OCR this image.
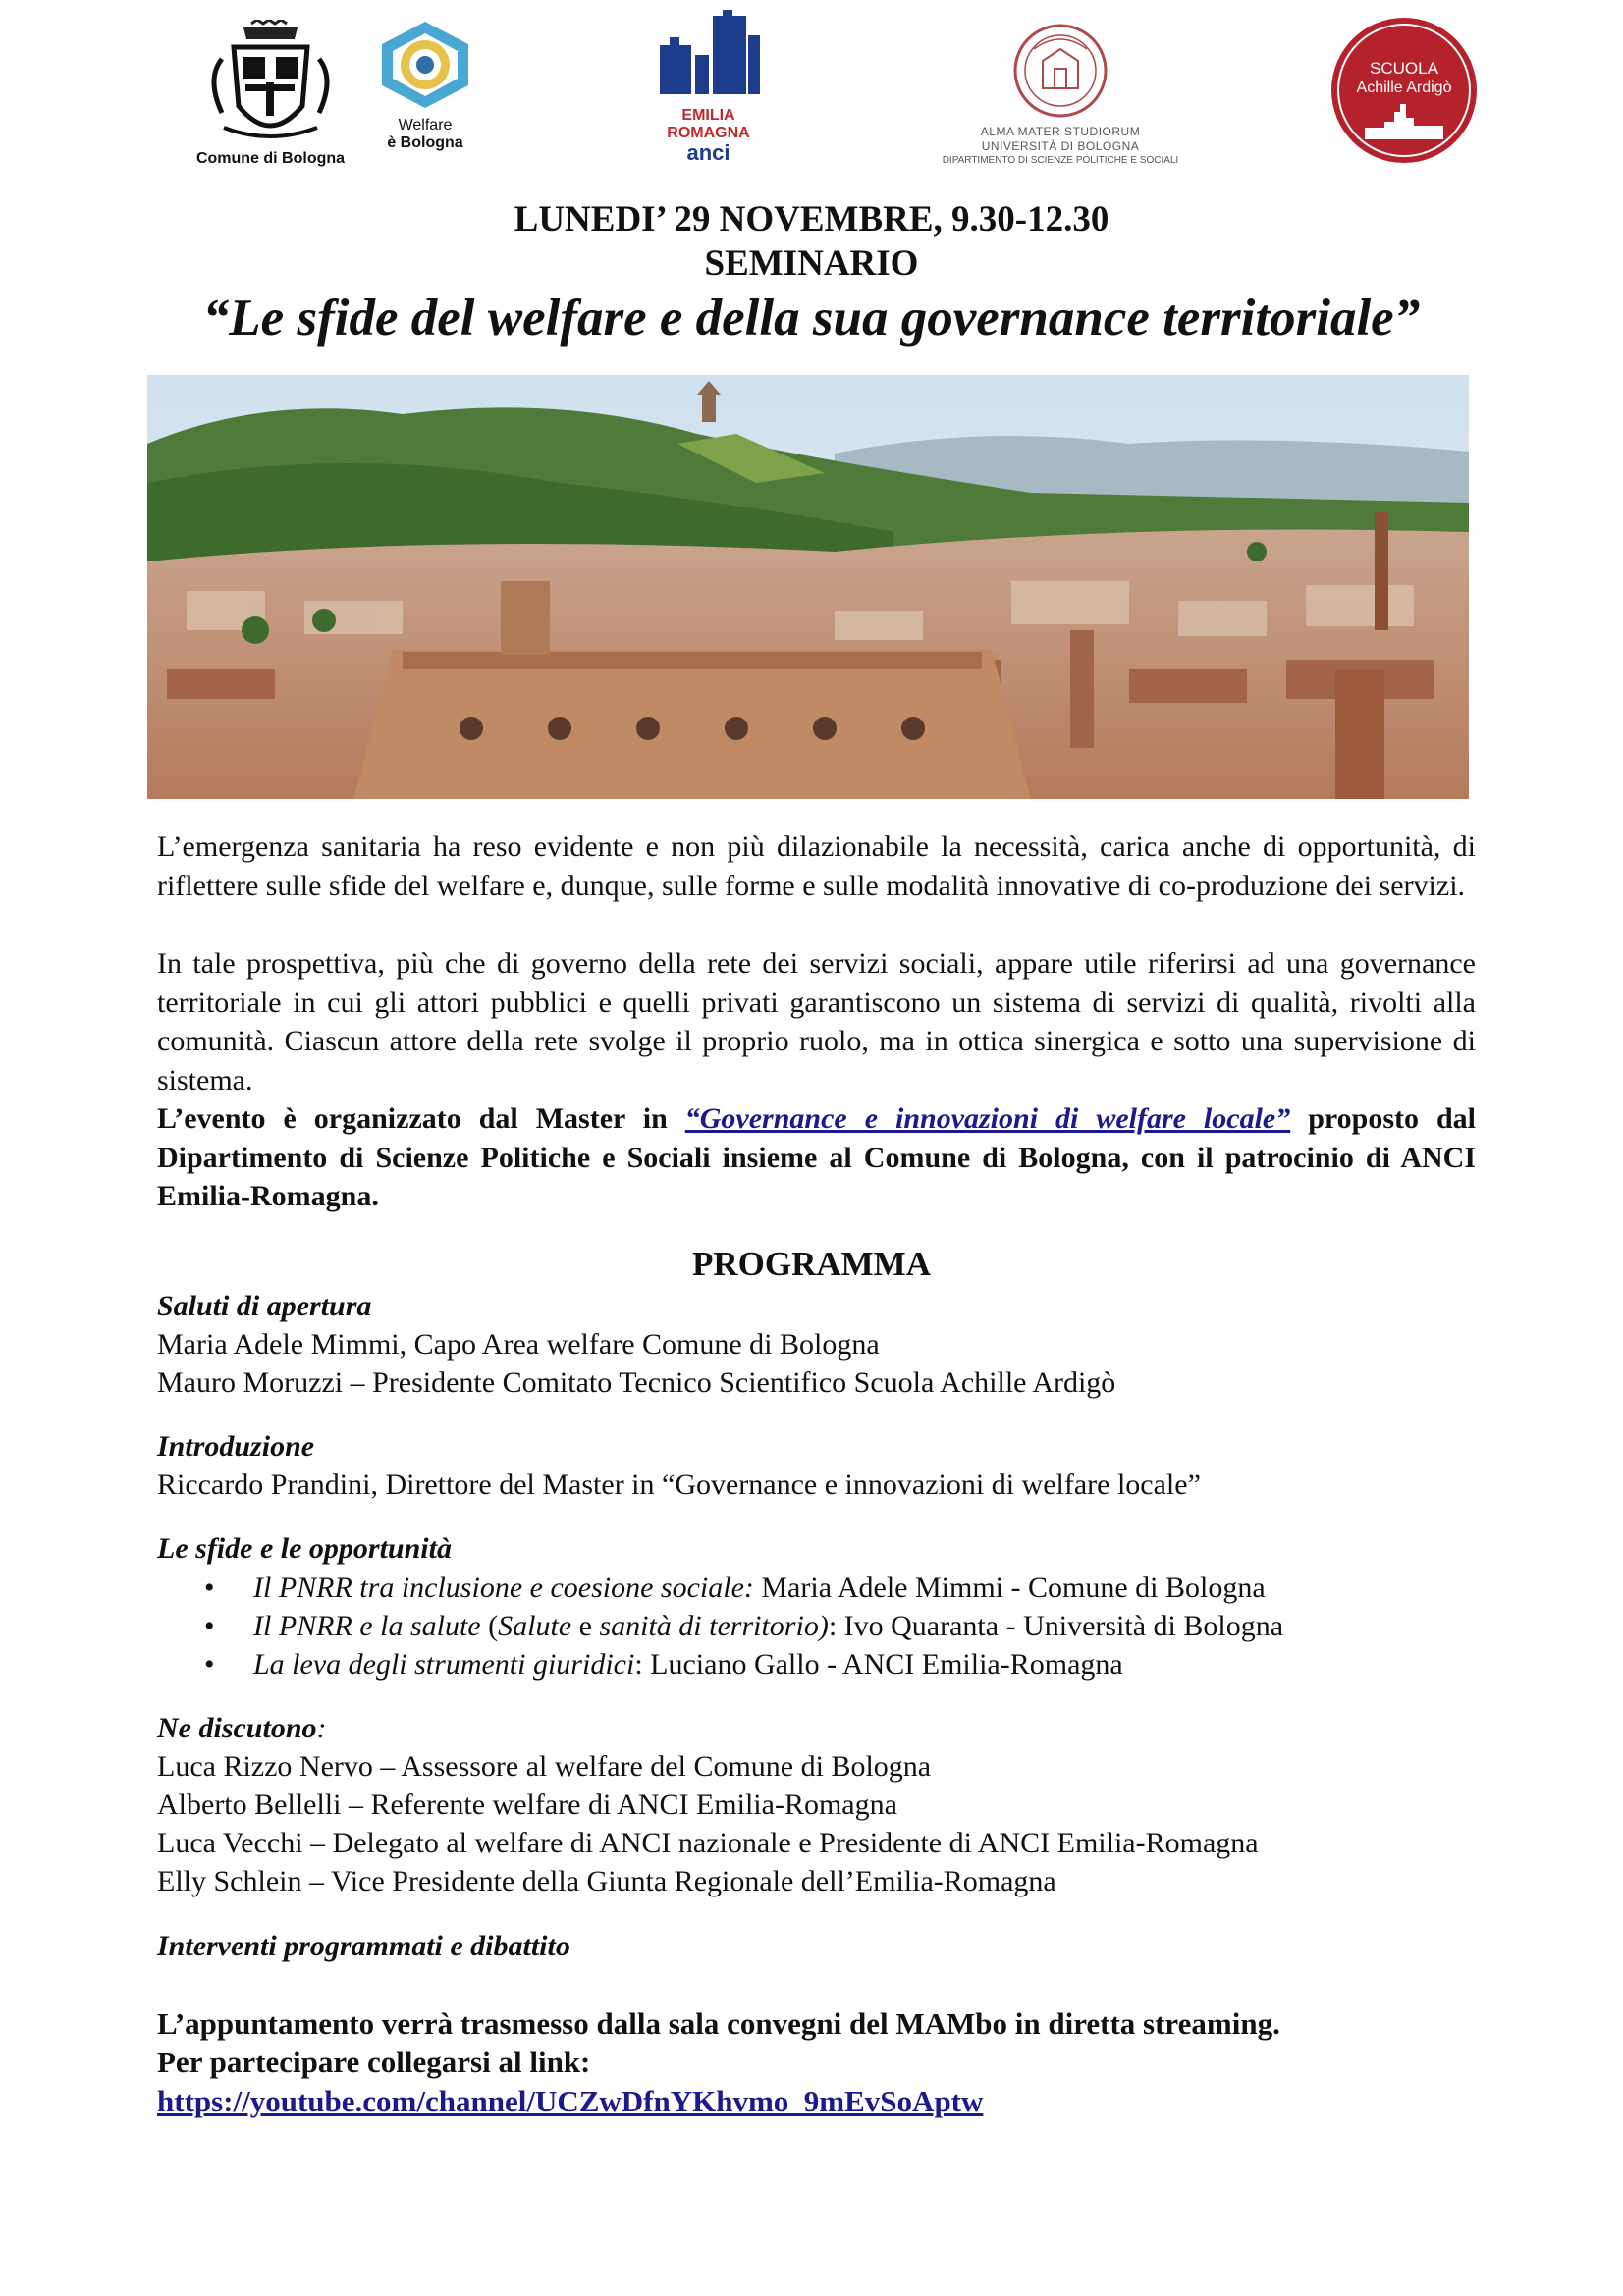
Comune di Bologna
Welfare
è Bologna
EMILIA
ROMAGNA
anci
ALMA MATER STUDIORUM
UNIVERSITÀ DI BOLOGNA
DIPARTIMENTO DI SCIENZE POLITICHE E SOCIALI
SCUOLA
Achille Ardigò
LUNEDI’ 29 NOVEMBRE, 9.30-12.30
SEMINARIO
“Le sfide del welfare e della sua governance territoriale”
L’emergenza sanitaria ha reso evidente e non più dilazionabile la necessità, carica anche di opportunità, di riflettere sulle sfide del welfare e, dunque, sulle forme e sulle modalità innovative di co-produzione dei servizi.
In tale prospettiva, più che di governo della rete dei servizi sociali, appare utile riferirsi ad una governance territoriale in cui gli attori pubblici e quelli privati garantiscono un sistema di servizi di qualità, rivolti alla comunità. Ciascun attore della rete svolge il proprio ruolo, ma in ottica sinergica e sotto una supervisione di sistema.
L’evento è organizzato dal Master in “Governance e innovazioni di welfare locale” proposto dal Dipartimento di Scienze Politiche e Sociali insieme al Comune di Bologna, con il patrocinio di ANCI Emilia-Romagna.
PROGRAMMA
Saluti di apertura
Maria Adele Mimmi, Capo Area welfare Comune di Bologna
Mauro Moruzzi – Presidente Comitato Tecnico Scientifico Scuola Achille Ardigò
Introduzione
Riccardo Prandini, Direttore del Master in “Governance e innovazioni di welfare locale”
Le sfide e le opportunità
• Il PNRR tra inclusione e coesione sociale: Maria Adele Mimmi - Comune di Bologna
• Il PNRR e la salute (Salute e sanità di territorio): Ivo Quaranta - Università di Bologna
• La leva degli strumenti giuridici: Luciano Gallo - ANCI Emilia-Romagna
Ne discutono:
Luca Rizzo Nervo – Assessore al welfare del Comune di Bologna
Alberto Bellelli – Referente welfare di ANCI Emilia-Romagna
Luca Vecchi – Delegato al welfare di ANCI nazionale e Presidente di ANCI Emilia-Romagna
Elly Schlein – Vice Presidente della Giunta Regionale dell’Emilia-Romagna
Interventi programmati e dibattito
L’appuntamento verrà trasmesso dalla sala convegni del MAMbo in diretta streaming.
Per partecipare collegarsi al link:
https://youtube.com/channel/UCZwDfnYKhvmo_9mEvSoAptw
